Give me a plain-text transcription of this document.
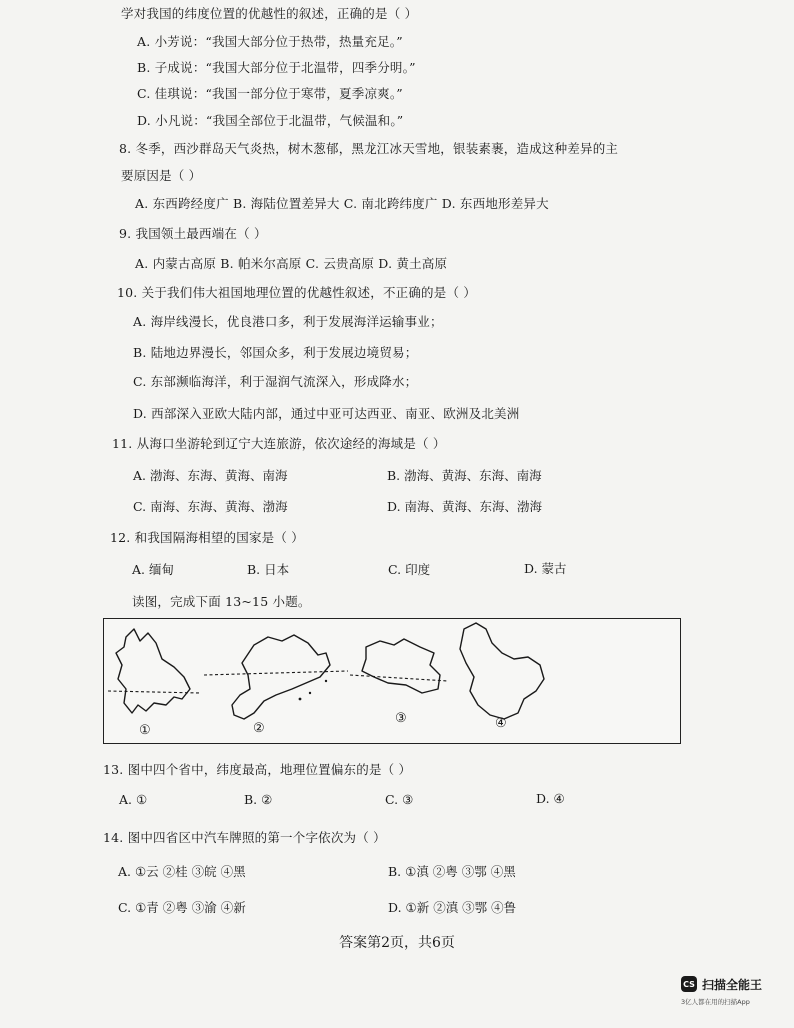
学对我国的纬度位置的优越性的叙述，正确的是（ ）
A. 小芳说：“我国大部分位于热带，热量充足。”
B. 子成说：“我国大部分位于北温带，四季分明。”
C. 佳琪说：“我国一部分位于寒带，夏季凉爽。”
D. 小凡说：“我国全部位于北温带，气候温和。”
8. 冬季，西沙群岛天气炎热，树木葱郁，黑龙江冰天雪地，银装素裹，造成这种差异的主
要原因是（ ）
A. 东西跨经度广 B. 海陆位置差异大 C. 南北跨纬度广 D. 东西地形差异大
9. 我国领土最西端在（ ）
A. 内蒙古高原 B. 帕米尔高原 C. 云贵高原 D. 黄土高原
10. 关于我们伟大祖国地理位置的优越性叙述，不正确的是（ ）
A. 海岸线漫长，优良港口多，利于发展海洋运输事业；
B. 陆地边界漫长，邻国众多，利于发展边境贸易；
C. 东部濒临海洋，利于湿润气流深入，形成降水；
D. 西部深入亚欧大陆内部，通过中亚可达西亚、南亚、欧洲及北美洲
11. 从海口坐游轮到辽宁大连旅游，依次途经的海域是（ ）
A. 渤海、东海、黄海、南海	B. 渤海、黄海、东海、南海
C. 南海、东海、黄海、渤海	D. 南海、黄海、东海、渤海
12. 和我国隔海相望的国家是（ ）
A. 缅甸	B. 日本	C. 印度	D. 蒙古
读图，完成下面 13~15 小题。
①	②
③	④
13. 图中四个省中，纬度最高，地理位置偏东的是（ ）
A. ①	B. ②	C. ③	D. ④
14. 图中四省区中汽车牌照的第一个字依次为（ ）
A. ①云 ②桂 ③皖 ④黑	B. ①滇 ②粤 ③鄂 ④黑
C. ①青 ②粤 ③渝 ④新	D. ①新 ②滇 ③鄂 ④鲁
答案第2页，共6页
CS 扫描全能王
3亿人都在用的扫描App
